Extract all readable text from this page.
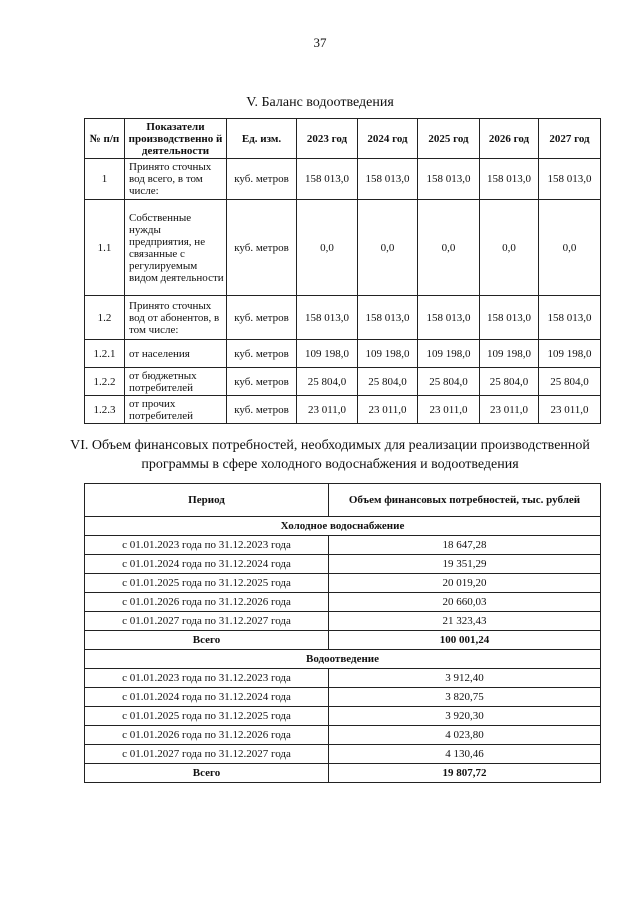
37
V. Баланс водоотведения
№ п/п	Показатели производственно й деятельности	Ед. изм.	2023 год	2024 год	2025 год	2026 год	2027 год
1	Принято сточных вод всего, в том числе:	куб. метров	158 013,0	158 013,0	158 013,0	158 013,0	158 013,0
1.1	Собственные нужды предприятия, не связанные с регулируемым видом деятельности	куб. метров	0,0	0,0	0,0	0,0	0,0
1.2	Принято сточных вод от абонентов, в том числе:	куб. метров	158 013,0	158 013,0	158 013,0	158 013,0	158 013,0
1.2.1	от населения	куб. метров	109 198,0	109 198,0	109 198,0	109 198,0	109 198,0
1.2.2	от бюджетных потребителей	куб. метров	25 804,0	25 804,0	25 804,0	25 804,0	25 804,0
1.2.3	от прочих потребителей	куб. метров	23 011,0	23 011,0	23 011,0	23 011,0	23 011,0
VI. Объем финансовых потребностей, необходимых для реализации производственной программы в сфере холодного водоснабжения и водоотведения
Период	Объем финансовых потребностей, тыс. рублей
Холодное водоснабжение	
с 01.01.2023 года по 31.12.2023 года	18 647,28
с 01.01.2024 года по 31.12.2024 года	19 351,29
с 01.01.2025 года по 31.12.2025 года	20 019,20
с 01.01.2026 года по 31.12.2026 года	20 660,03
с 01.01.2027 года по 31.12.2027 года	21 323,43
Всего	100 001,24
Водоотведение	
с 01.01.2023 года по 31.12.2023 года	3 912,40
с 01.01.2024 года по 31.12.2024 года	3 820,75
с 01.01.2025 года по 31.12.2025 года	3 920,30
с 01.01.2026 года по 31.12.2026 года	4 023,80
с 01.01.2027 года по 31.12.2027 года	4 130,46
Всего	19 807,72
